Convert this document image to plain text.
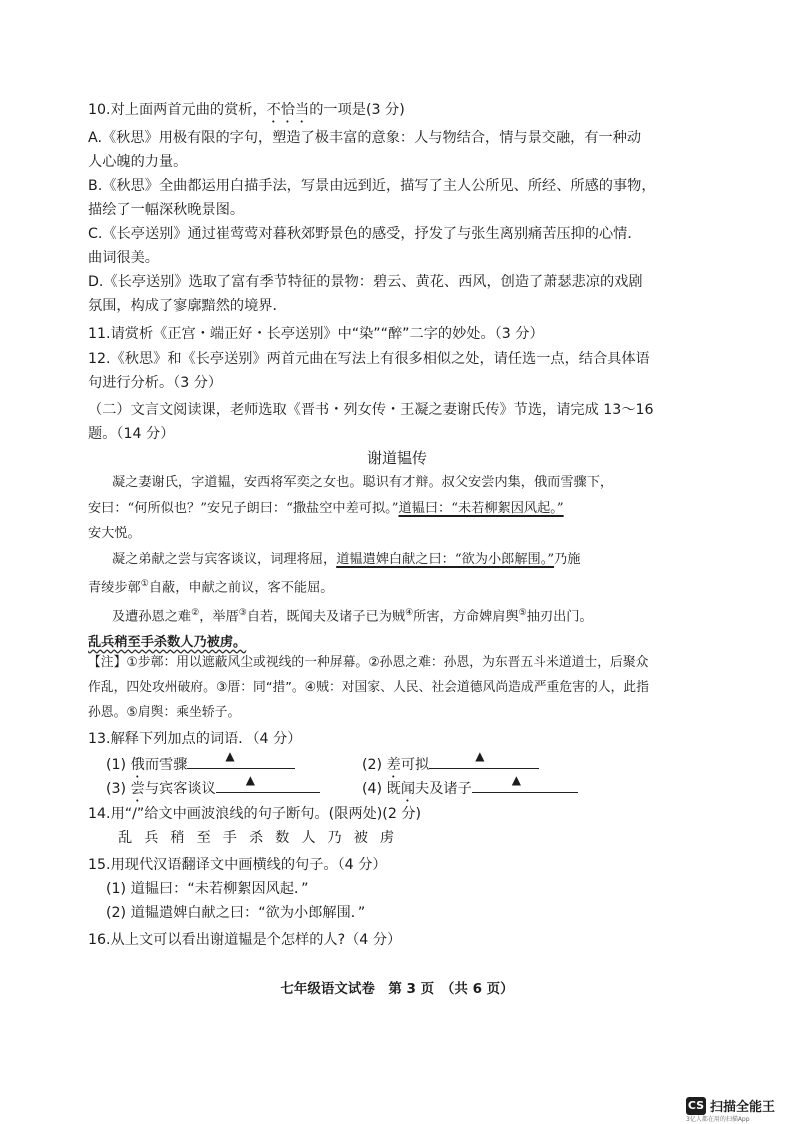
10.对上面两首元曲的赏析，不恰当的一项是(3 分)
A.《秋思》用极有限的字句，塑造了极丰富的意象：人与物结合，情与景交融，有一种动
人心魄的力量。
B.《秋思》全曲都运用白描手法，写景由远到近，描写了主人公所见、所经、所感的事物，
描绘了一幅深秋晚景图。
C.《长亭送别》通过崔莺莺对暮秋郊野景色的感受，抒发了与张生离别痛苦压抑的心情．
曲词很美。
D.《长亭送别》选取了富有季节特征的景物：碧云、黄花、西风，创造了萧瑟悲凉的戏剧
氛围，构成了寥廓黯然的境界．
11.请赏析《正宫・端正好・长亭送别》中“染”“醉”二字的妙处。（3 分）
12.《秋思》和《长亭送别》两首元曲在写法上有很多相似之处，请任选一点，结合具体语
句进行分析。（3 分）
（二）文言文阅读课，老师选取《晋书・列女传・王凝之妻谢氏传》节选，请完成 13～16
题。（14 分）
谢道韫传
凝之妻谢氏，字道韫，安西将军奕之女也。聪识有才辩。叔父安尝内集，俄而雪骤下，
安曰：“何所似也？”安兄子朗曰：“撒盐空中差可拟。”道韫曰：“未若柳絮因风起。”
安大悦。
凝之弟献之尝与宾客谈议，词理将屈，道韫遣婢白献之曰：“欲为小郎解围。”乃施
青绫步鄣①自蔽，申献之前议，客不能屈。
及遭孙恩之难②，举厝③自若，既闻夫及诸子已为贼④所害，方命婢肩舆⑤抽刃出门。
乱兵稍至手杀数人乃被虏。
【注】①步鄣：用以遮蔽风尘或视线的一种屏幕。②孙恩之难：孙恩，为东晋五斗米道道士，后聚众
作乱，四处攻州破府。③厝：同“措”。④贼：对国家、人民、社会道德风尚造成严重危害的人，此指
孙恩。⑤肩舆：乘坐轿子。
13.解释下列加点的词语．（4 分）
(1) 俄而雪骤
▲
(2) 差可拟
▲
(3) 尝与宾客谈议
▲
(4) 既闻夫及诸子
▲
14.用“/”给文中画波浪线的句子断句。(限两处)(2 分)
乱兵稍至手杀数人乃被虏
15.用现代汉语翻译文中画横线的句子。（4 分）
(1) 道韫曰：“未若柳絮因风起．”
(2) 道韫遣婢白献之曰：“欲为小郎解围．”
16.从上文可以看出谢道韫是个怎样的人?（4 分）
七年级语文试卷　第 3 页　（共 6 页）
CS 扫描全能王
3亿人都在用的扫描App
